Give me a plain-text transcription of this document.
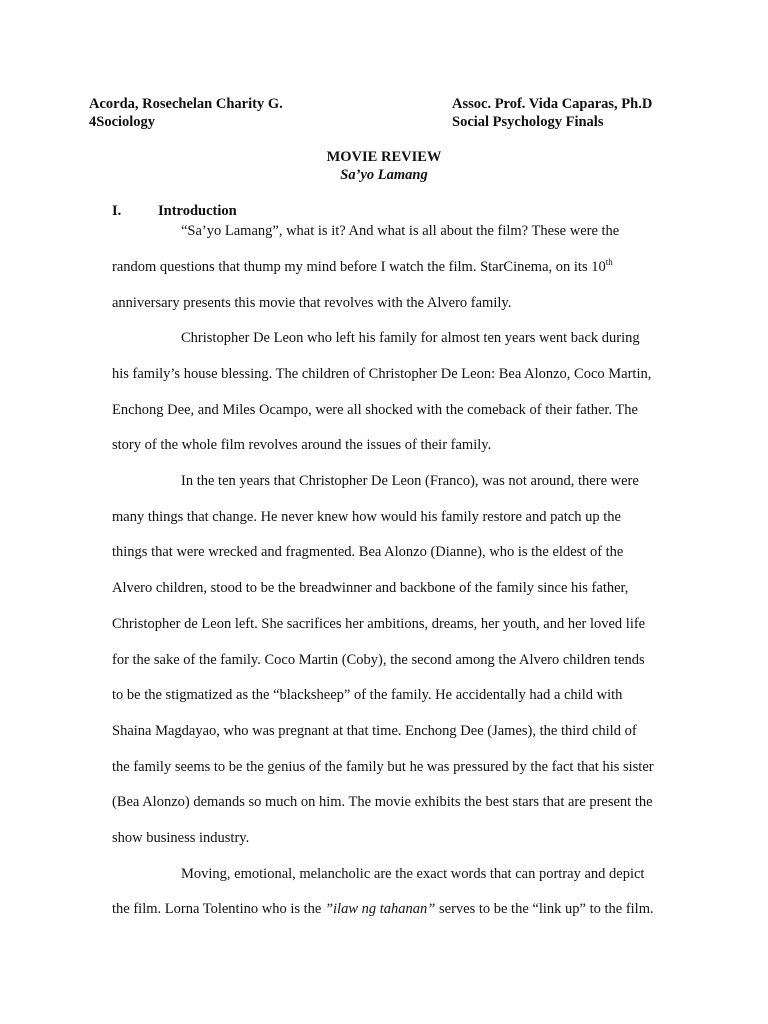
Acorda, Rosechelan Charity G.
4Sociology
Assoc. Prof. Vida Caparas, Ph.D
Social Psychology Finals
MOVIE REVIEW
Sa’yo Lamang
I.	Introduction
“Sa’yo Lamang”, what is it? And what is all about the film? These were the
random questions that thump my mind before I watch the film. StarCinema, on its 10th
anniversary presents this movie that revolves with the Alvero family.
Christopher De Leon who left his family for almost ten years went back during
his family’s house blessing. The children of Christopher De Leon: Bea Alonzo, Coco Martin,
Enchong Dee, and Miles Ocampo, were all shocked with the comeback of their father. The
story of the whole film revolves around the issues of their family.
In the ten years that Christopher De Leon (Franco), was not around, there were
many things that change. He never knew how would his family restore and patch up the
things that were wrecked and fragmented. Bea Alonzo (Dianne), who is the eldest of the
Alvero children, stood to be the breadwinner and backbone of the family since his father,
Christopher de Leon left. She sacrifices her ambitions, dreams, her youth, and her loved life
for the sake of the family. Coco Martin (Coby), the second among the Alvero children tends
to be the stigmatized as the “blacksheep” of the family. He accidentally had a child with
Shaina Magdayao, who was pregnant at that time. Enchong Dee (James), the third child of
the family seems to be the genius of the family but he was pressured by the fact that his sister
(Bea Alonzo) demands so much on him. The movie exhibits the best stars that are present the
show business industry.
Moving, emotional, melancholic are the exact words that can portray and depict
the film. Lorna Tolentino who is the ”ilaw ng tahanan” serves to be the “link up” to the film.
